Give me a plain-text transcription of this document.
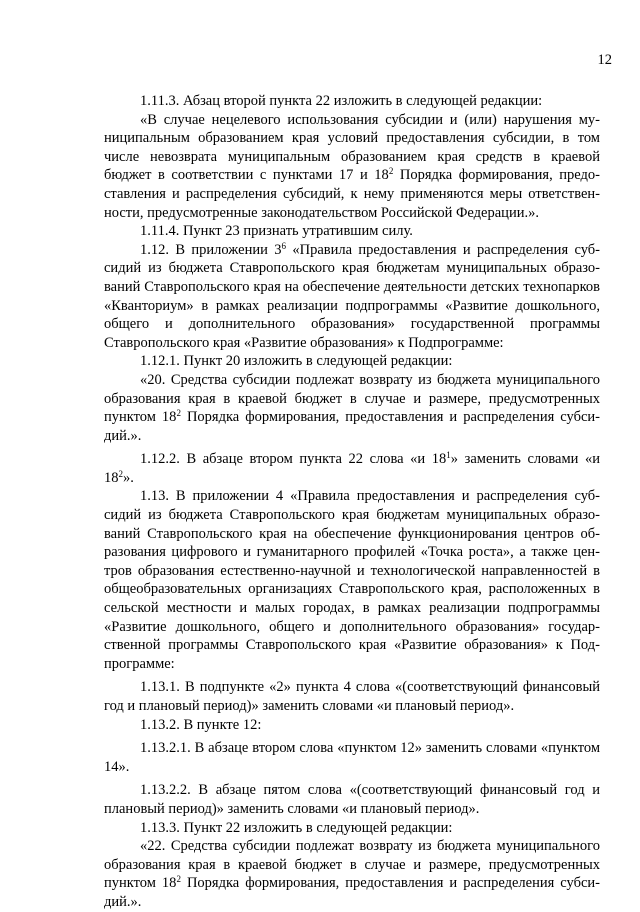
12

1.11.3. Абзац второй пункта 22 изложить в следующей редакции:

«В случае нецелевого использования субсидии и (или) нарушения муниципальным образованием края условий предоставления субсидии, в том числе невозврата муниципальным образованием края средств в краевой бюджет в соответствии с пунктами 17 и $18^2$ Порядка формирования, предоставления и распределения субсидий, к нему применяются меры ответственности, предусмотренные законодательством Российской Федерации.».

1.11.4. Пункт 23 признать утратившим силу.

1.12. В приложении $3^6$ «Правила предоставления и распределения субсидий из бюджета Ставропольского края бюджетам муниципальных образований Ставропольского края на обеспечение деятельности детских технопарков «Кванториум» в рамках реализации подпрограммы «Развитие дошкольного, общего и дополнительного образования» государственной программы Ставропольского края «Развитие образования» к Подпрограмме:

1.12.1. Пункт 20 изложить в следующей редакции:

«20. Средства субсидии подлежат возврату из бюджета муниципального образования края в краевой бюджет в случае и размере, предусмотренных пунктом $18^2$ Порядка формирования, предоставления и распределения субсидий.».

1.12.2. В абзаце втором пункта 22 слова «и $18^1$» заменить словами «и $18^2$».

1.13. В приложении 4 «Правила предоставления и распределения субсидий из бюджета Ставропольского края бюджетам муниципальных образований Ставропольского края на обеспечение функционирования центров образования цифрового и гуманитарного профилей «Точка роста», а также центров образования естественно-научной и технологической направленностей в общеобразовательных организациях Ставропольского края, расположенных в сельской местности и малых городах, в рамках реализации подпрограммы «Развитие дошкольного, общего и дополнительного образования» государственной программы Ставропольского края «Развитие образования» к Подпрограмме:

1.13.1. В подпункте «2» пункта 4 слова «(соответствующий финансовый год и плановый период)» заменить словами «и плановый период».

1.13.2. В пункте 12:

1.13.2.1. В абзаце втором слова «пунктом 12» заменить словами «пунктом 14».

1.13.2.2. В абзаце пятом слова «(соответствующий финансовый год и плановый период)» заменить словами «и плановый период».

1.13.3. Пункт 22 изложить в следующей редакции:

«22. Средства субсидии подлежат возврату из бюджета муниципального образования края в краевой бюджет в случае и размере, предусмотренных пунктом $18^2$ Порядка формирования, предоставления и распределения субсидий.».
